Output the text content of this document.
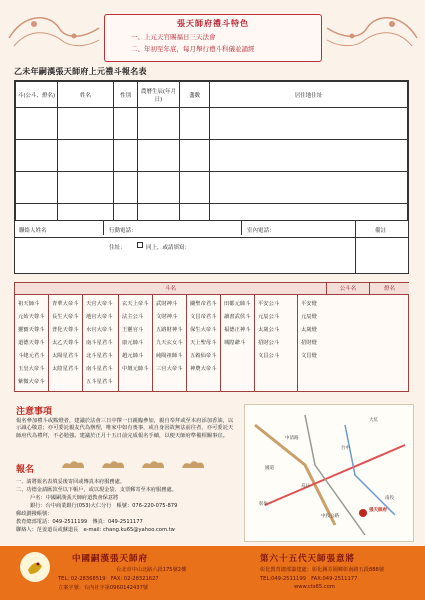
張天師府禮斗特色
一、上元天官賜福日三天法會
二、年初至年底，每月舉行禮斗科儀並誦經
乙未年嗣漢張天師府上元禮斗報名表
斗(公斗、燈名)	姓名	性別	農曆生辰(年月日)	盞數	居住地住址

聯絡人姓名	行動電話：	室內電話：	備註
住址：	同上，或請填寫：
斗名	公斗名	燈名
祖天師斗
元始天尊斗
靈寶天尊斗
道德天尊斗
斗姥元君斗
玉皇大帝斗
紫微大帝斗
青華大帝斗
長生大帝斗
普化天尊斗
太乙天尊斗
太陽星君斗
太陰星君斗
天官大帝斗
地官大帝斗
水官大帝斗
南斗星君斗
北斗星君斗
南斗星君斗
五斗星君斗
玄天上帝斗
法主公斗
王靈官斗
康元帥斗
趙元帥斗
中壇元帥斗
武財神斗
文財神斗
五路財神斗
九天玄女斗
純陽祖師斗
三官大帝斗
關聖帝君斗
文昌帝君斗
保生大帝斗
天上聖母斗
五穀仙帝斗
神農大帝斗
田都元帥斗
讀書武侯斗
福德正神斗
城隍爺斗
平安公斗
元辰公斗
太歲公斗
招財公斗
文昌公斗
平安燈
元辰燈
太歲燈
招財燈
文昌燈
注意事項
報名參加禮斗或點燈者，建議於法會三日中擇一日親臨參加，親自奉拜或至本府添加香油，以示誠心敬意；亦可委託親友代為辦理，唯家中如有喪事，或自身因故無法前往者，亦可委託天師府代為禮拜，不必勉強。建議於正月十五日前完成報名手續，以便天師府準備相關事宜。
報名
一、請將報名表填妥後寄回或傳真本府服務處。
二、功德金請匯款至以下帳戶，或以現金袋、支票郵寄至本府服務處。
戶名：中國嗣漢張天師府道教會保意將
銀行：台中商業銀行(053)大仁分行　帳號：076-220-075-879
郵政劃撥帳號：
教育總部電話：049-2511199　傳真：049-2511177
聯絡人：范姜道長或蘇道長　e-mail: chang.ku65@yahoo.com.tw
大坑
中清路
台中
國道
烏日
彰化
南投
中投公路
張天師府
中國嗣漢張天師府
台北市中山北路六段175號2樓
TEL: 02-28368519　FAX: 02-28321627
立案字號：台內社字第0960142437號
第六十五代天師張意將
彰化教育總部籌建處：彰化縣芬園鄉彰南路五段888號
TEL:049-2511199　FAX:049-2511177
www.cts65.com
